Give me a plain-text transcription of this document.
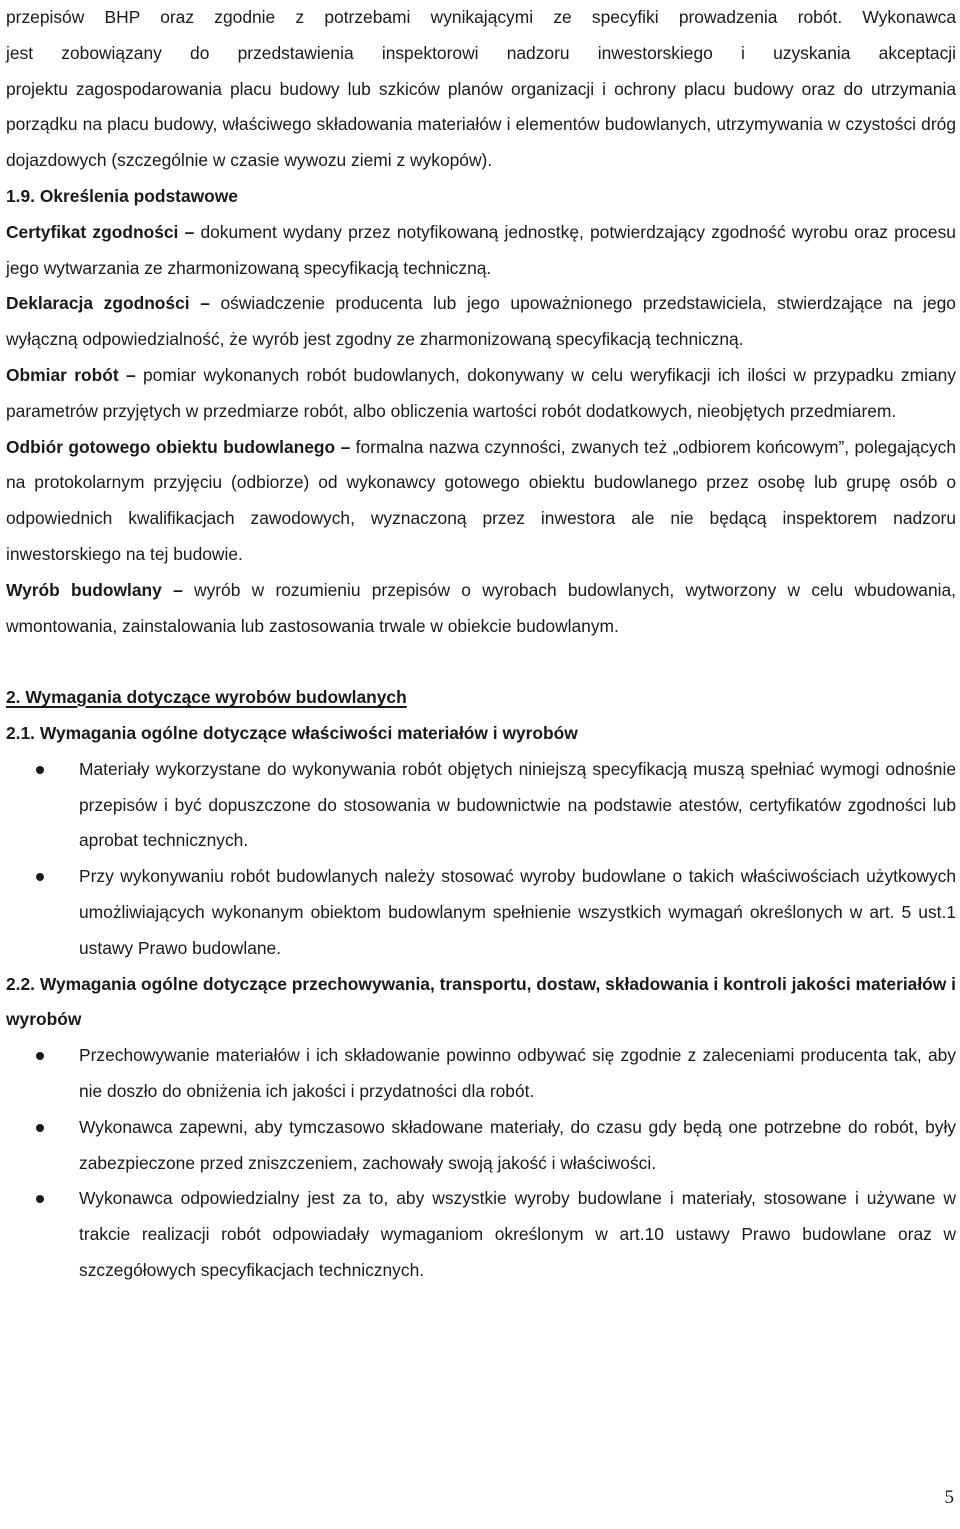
przepisów BHP oraz zgodnie z potrzebami wynikającymi ze specyfiki prowadzenia robót. Wykonawca

jest zobowiązany do przedstawienia inspektorowi nadzoru inwestorskiego i uzyskania akceptacji

projektu zagospodarowania placu budowy lub szkiców planów organizacji i ochrony placu budowy oraz do utrzymania porządku na placu budowy, właściwego składowania materiałów i elementów budowlanych, utrzymywania w czystości dróg dojazdowych (szczególnie w czasie wywozu ziemi z wykopów).

1.9. Określenia podstawowe

Certyfikat zgodności – dokument wydany przez notyfikowaną jednostkę, potwierdzający zgodność wyrobu oraz procesu jego wytwarzania ze zharmonizowaną specyfikacją techniczną.

Deklaracja zgodności – oświadczenie producenta lub jego upoważnionego przedstawiciela, stwierdzające na jego wyłączną odpowiedzialność, że wyrób jest zgodny ze zharmonizowaną specyfikacją techniczną.

Obmiar robót – pomiar wykonanych robót budowlanych, dokonywany w celu weryfikacji ich ilości w przypadku zmiany parametrów przyjętych w przedmiarze robót, albo obliczenia wartości robót dodatkowych, nieobjętych przedmiarem.

Odbiór gotowego obiektu budowlanego – formalna nazwa czynności, zwanych też „odbiorem końcowym”, polegających na protokolarnym przyjęciu (odbiorze) od wykonawcy gotowego obiektu budowlanego przez osobę lub grupę osób o odpowiednich kwalifikacjach zawodowych, wyznaczoną przez inwestora ale nie będącą inspektorem nadzoru inwestorskiego na tej budowie.

Wyrób budowlany – wyrób w rozumieniu przepisów o wyrobach budowlanych, wytworzony w celu wbudowania, wmontowania, zainstalowania lub zastosowania trwale w obiekcie budowlanym.

2. Wymagania dotyczące wyrobów budowlanych

2.1. Wymagania ogólne dotyczące właściwości materiałów i wyrobów

Materiały wykorzystane do wykonywania robót objętych niniejszą specyfikacją muszą spełniać wymogi odnośnie przepisów i być dopuszczone do stosowania w budownictwie na podstawie atestów, certyfikatów zgodności lub aprobat technicznych.

Przy wykonywaniu robót budowlanych należy stosować wyroby budowlane o takich właściwościach użytkowych umożliwiających wykonanym obiektom budowlanym spełnienie wszystkich wymagań określonych w art. 5 ust.1 ustawy Prawo budowlane.

2.2. Wymagania ogólne dotyczące przechowywania, transportu, dostaw, składowania i kontroli jakości materiałów i wyrobów

Przechowywanie materiałów i ich składowanie powinno odbywać się zgodnie z zaleceniami producenta tak, aby nie doszło do obniżenia ich jakości i przydatności dla robót.

Wykonawca zapewni, aby tymczasowo składowane materiały, do czasu gdy będą one potrzebne do robót, były zabezpieczone przed zniszczeniem, zachowały swoją jakość i właściwości.

Wykonawca odpowiedzialny jest za to, aby wszystkie wyroby budowlane i materiały, stosowane i używane w trakcie realizacji robót odpowiadały wymaganiom określonym w art.10 ustawy Prawo budowlane oraz w szczegółowych specyfikacjach technicznych.

5
